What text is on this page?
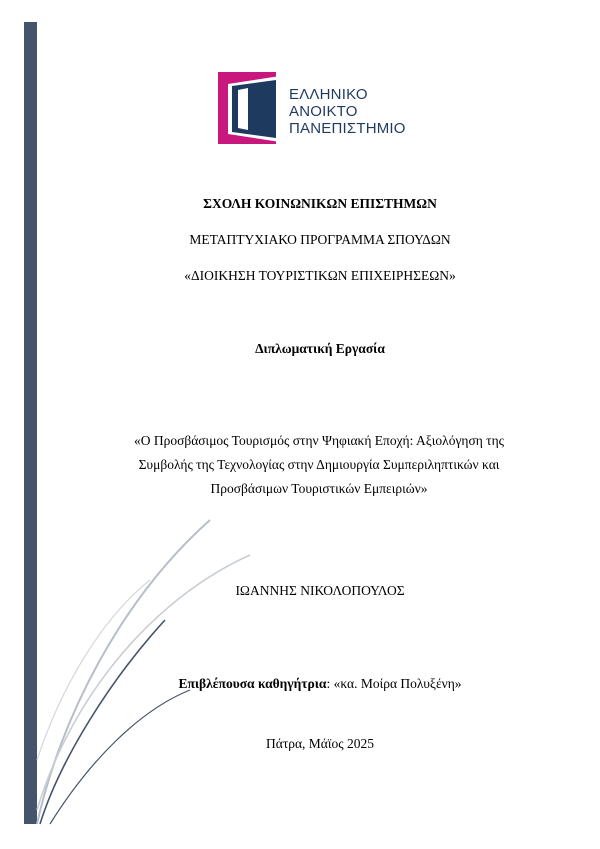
ΕΛΛΗΝΙΚΟ
ΑΝΟΙΚΤΟ
ΠΑΝΕΠΙΣΤΗΜΙΟ
ΣΧΟΛΗ ΚΟΙΝΩΝΙΚΩΝ ΕΠΙΣΤΗΜΩΝ
ΜΕΤΑΠΤΥΧΙΑΚΟ ΠΡΟΓΡΑΜΜΑ ΣΠΟΥΔΩΝ
«ΔΙΟΙΚΗΣΗ ΤΟΥΡΙΣΤΙΚΩΝ ΕΠΙΧΕΙΡΗΣΕΩΝ»
Διπλωματική Εργασία
«Ο Προσβάσιμος Τουρισμός στην Ψηφιακή Εποχή: Αξιολόγηση της
Συμβολής της Τεχνολογίας στην Δημιουργία Συμπεριληπτικών και
Προσβάσιμων Τουριστικών Εμπειριών»
ΙΩΑΝΝΗΣ ΝΙΚΟΛΟΠΟΥΛΟΣ
Επιβλέπουσα καθηγήτρια: «κα. Μοίρα Πολυξένη»
Πάτρα, Μάϊος 2025
